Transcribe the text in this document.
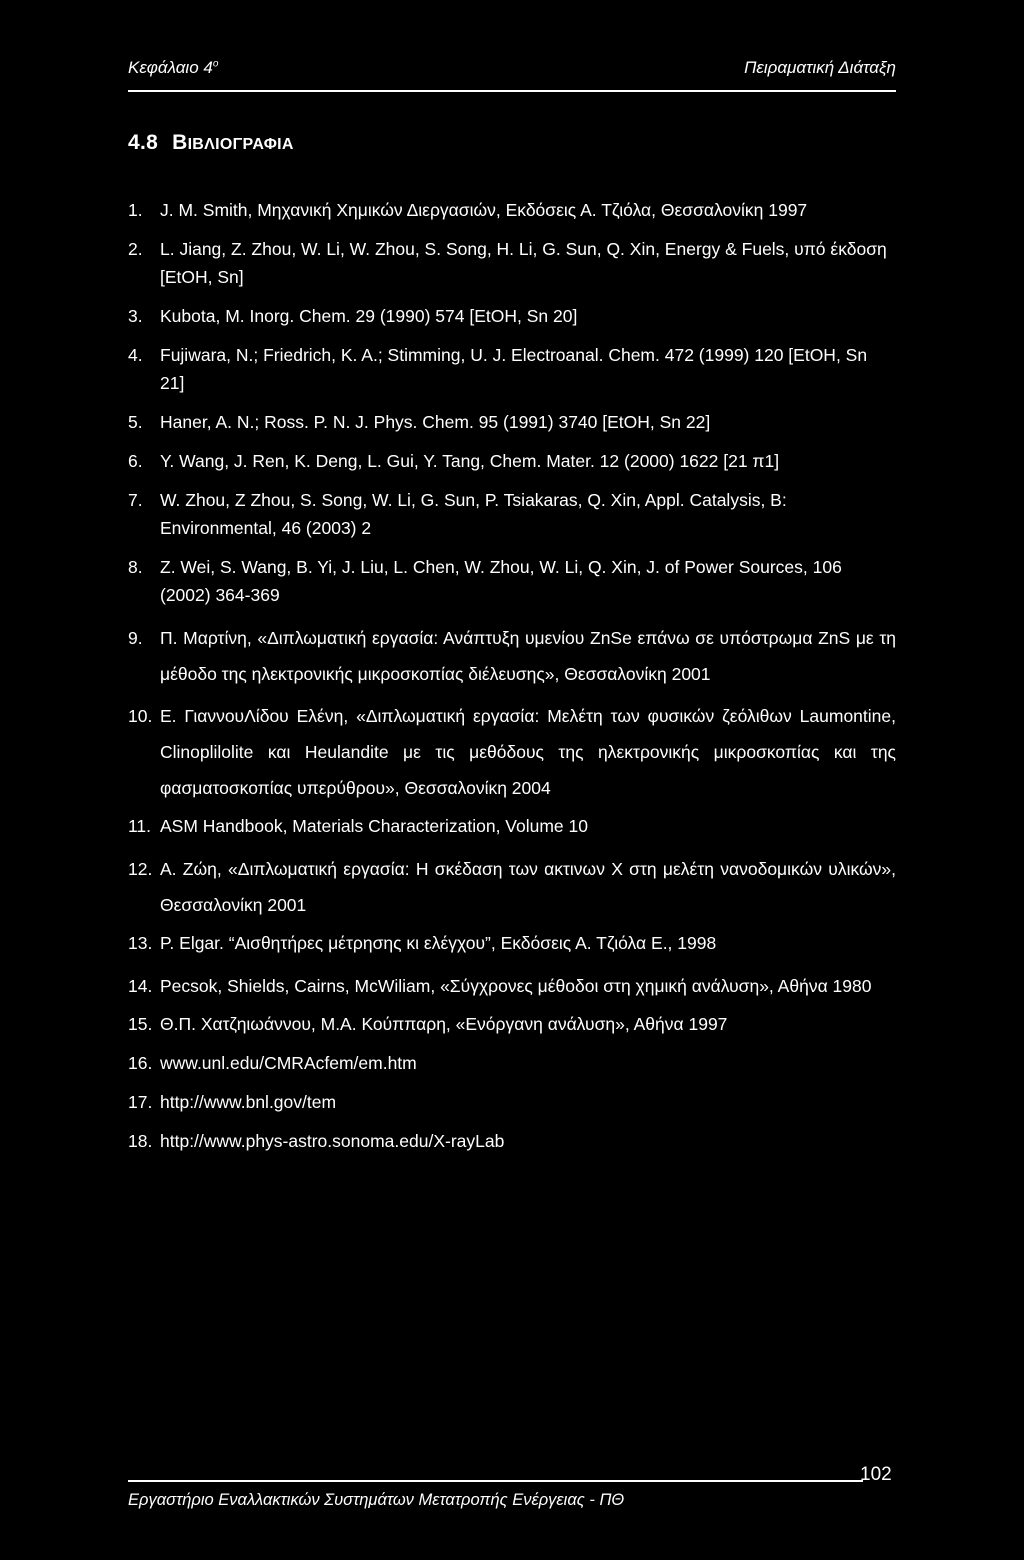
Κεφάλαιο $4^o$	Πειραματική Διάταξη
4.8 ΒΙΒΛΙΟΓΡΑΦΙΑ
1. J. M. Smith, Μηχανική Χημικών Διεργασιών, Εκδόσεις Α. Τζιόλα, Θεσσαλονίκη 1997
2. L. Jiang, Z. Zhou, W. Li, W. Zhou, S. Song, H. Li, G. Sun, Q. Xin, Energy & Fuels, υπό έκδοση [EtOH, Sn]
3. Kubota, M. Inorg. Chem. 29 (1990) 574 [EtOH, Sn 20]
4. Fujiwara, N.; Friedrich, K. A.; Stimming, U. J. Electroanal. Chem. 472 (1999) 120 [EtOH, Sn 21]
5. Haner, A. N.; Ross. P. N. J. Phys. Chem. 95 (1991) 3740 [EtOH, Sn 22]
6. Y. Wang, J. Ren, K. Deng, L. Gui, Y. Tang, Chem. Mater. 12 (2000) 1622 [21 π1]
7. W. Zhou, Z Zhou, S. Song, W. Li, G. Sun, P. Tsiakaras, Q. Xin, Appl. Catalysis, B: Environmental, 46 (2003) 2
8. Z. Wei, S. Wang, B. Yi, J. Liu, L. Chen, W. Zhou, W. Li, Q. Xin, J. of Power Sources, 106 (2002) 364-369
9. Π. Μαρτίνη, «Διπλωματική εργασία: Ανάπτυξη υμενίου ZnSe επάνω σε υπόστρωμα ZnS με τη μέθοδο της ηλεκτρονικής μικροσκοπίας διέλευσης», Θεσσαλονίκη 2001
10. Ε. ΓιαννουΛίδου Ελένη, «Διπλωματική εργασία: Μελέτη των φυσικών ζεόλιθων Laumontine, Clinoplilolite και Heulandite με τις μεθόδους της ηλεκτρονικής μικροσκοπίας και της φασματοσκοπίας υπερύθρου», Θεσσαλονίκη 2004
11. ASM Handbook, Materials Characterization, Volume 10
12. Α. Ζώη, «Διπλωματική εργασία: Η σκέδαση των ακτινων Χ στη μελέτη νανοδομικών υλικών», Θεσσαλονίκη 2001
13. P. Elgar. “Αισθητήρες μέτρησης κι ελέγχου”, Εκδόσεις Α. Τζιόλα Ε., 1998
14. Pecsok, Shields, Cairns, McWiliam, «Σύγχρονες μέθοδοι στη χημική ανάλυση», Αθήνα 1980
15. Θ.Π. Χατζηιωάννου, Μ.Α. Κούππαρη, «Ενόργανη ανάλυση», Αθήνα 1997
16. www.unl.edu/CMRAcfem/em.htm
17. http://www.bnl.gov/tem
18. http://www.phys-astro.sonoma.edu/X-rayLab
102
Εργαστήριο Εναλλακτικών Συστημάτων Μετατροπής Ενέργειας - ΠΘ
